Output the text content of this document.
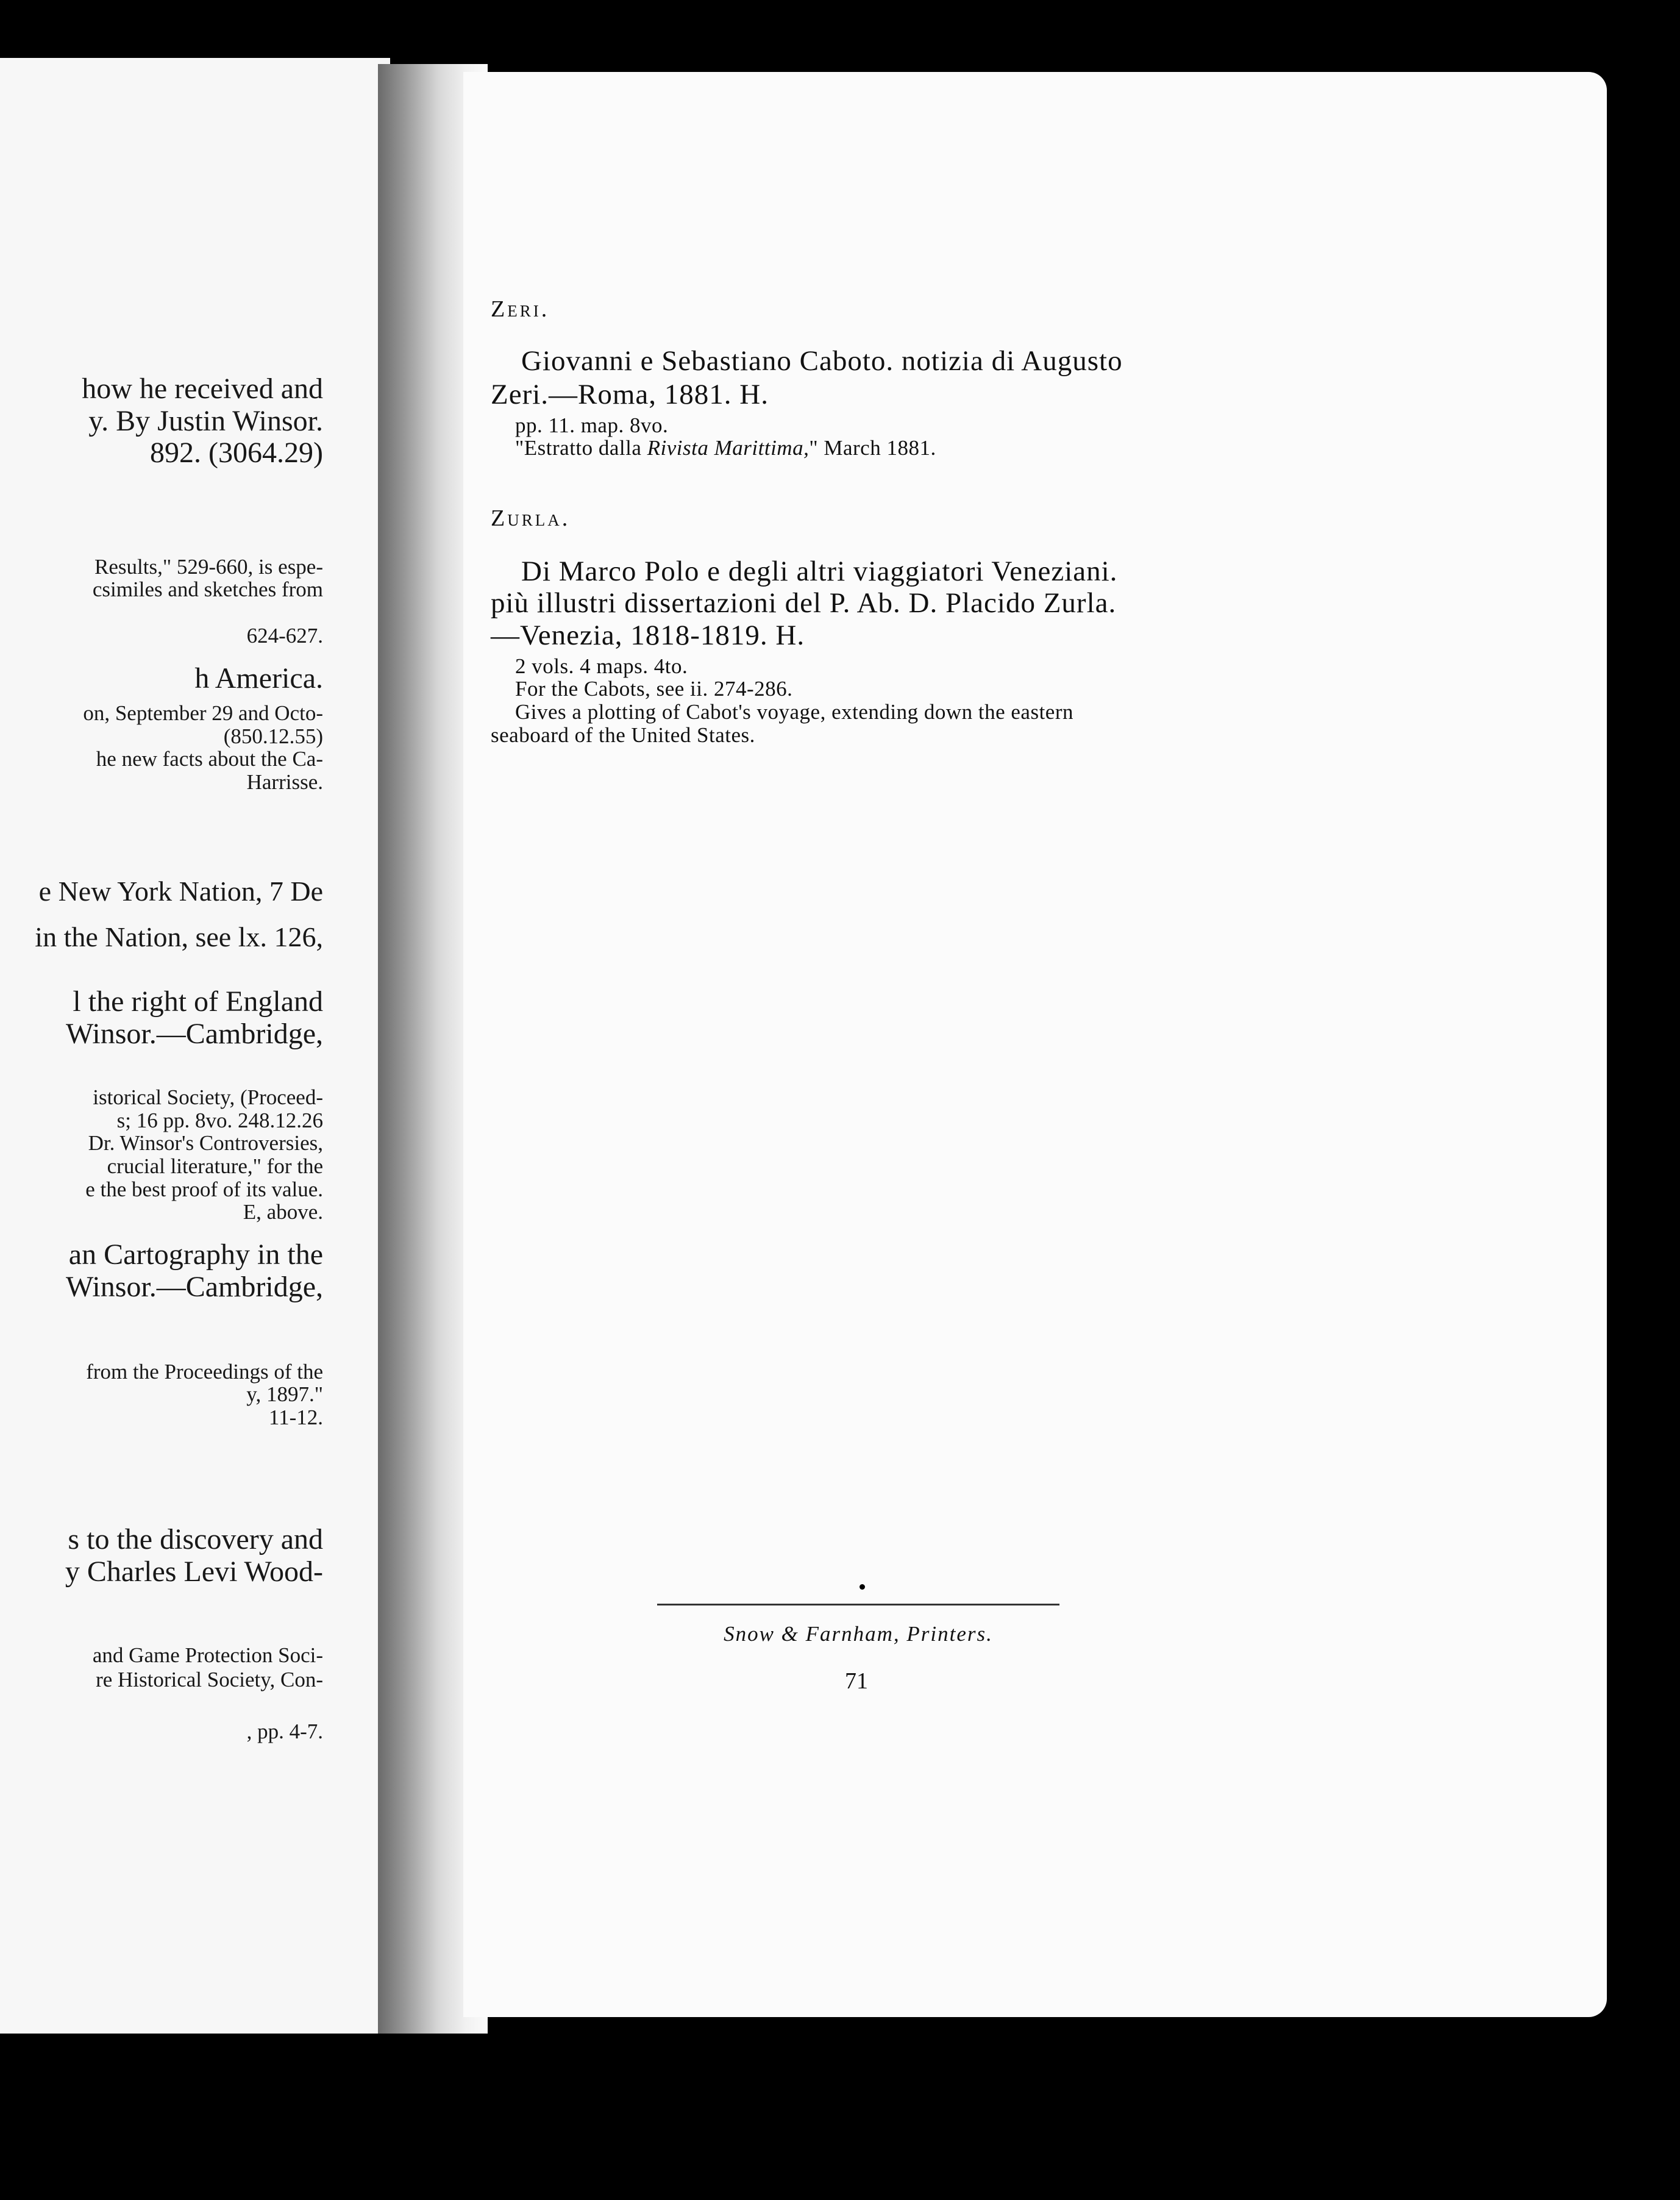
how he received and
y. By Justin Winsor.
892. (3064.29)
Results," 529-660, is espe-
csimiles and sketches from
624-627.
h America.
on, September 29 and Octo-
(850.12.55)
he new facts about the Ca-
Harrisse.
e New York Nation, 7 De
in the Nation, see lx. 126,
l the right of England
Winsor.—Cambridge,
istorical Society, (Proceed-
s; 16 pp. 8vo. 248.12.26
Dr. Winsor's Controversies,
crucial literature," for the
e the best proof of its value.
E, above.
an Cartography in the
Winsor.—Cambridge,
from the Proceedings of the
y, 1897."
11-12.
s to the discovery and
y Charles Levi Wood-
and Game Protection Soci-
re Historical Society, Con-
, pp. 4-7.
Zeri.
Giovanni e Sebastiano Caboto. notizia di Augusto
Zeri.—Roma, 1881. H.
pp. 11. map. 8vo.
"Estratto dalla Rivista Marittima," March 1881.
Zurla.
Di Marco Polo e degli altri viaggiatori Veneziani.
più illustri dissertazioni del P. Ab. D. Placido Zurla.
—Venezia, 1818-1819. H.
2 vols. 4 maps. 4to.
For the Cabots, see ii. 274-286.
Gives a plotting of Cabot's voyage, extending down the eastern
seaboard of the United States.
Snow & Farnham, Printers.
71
